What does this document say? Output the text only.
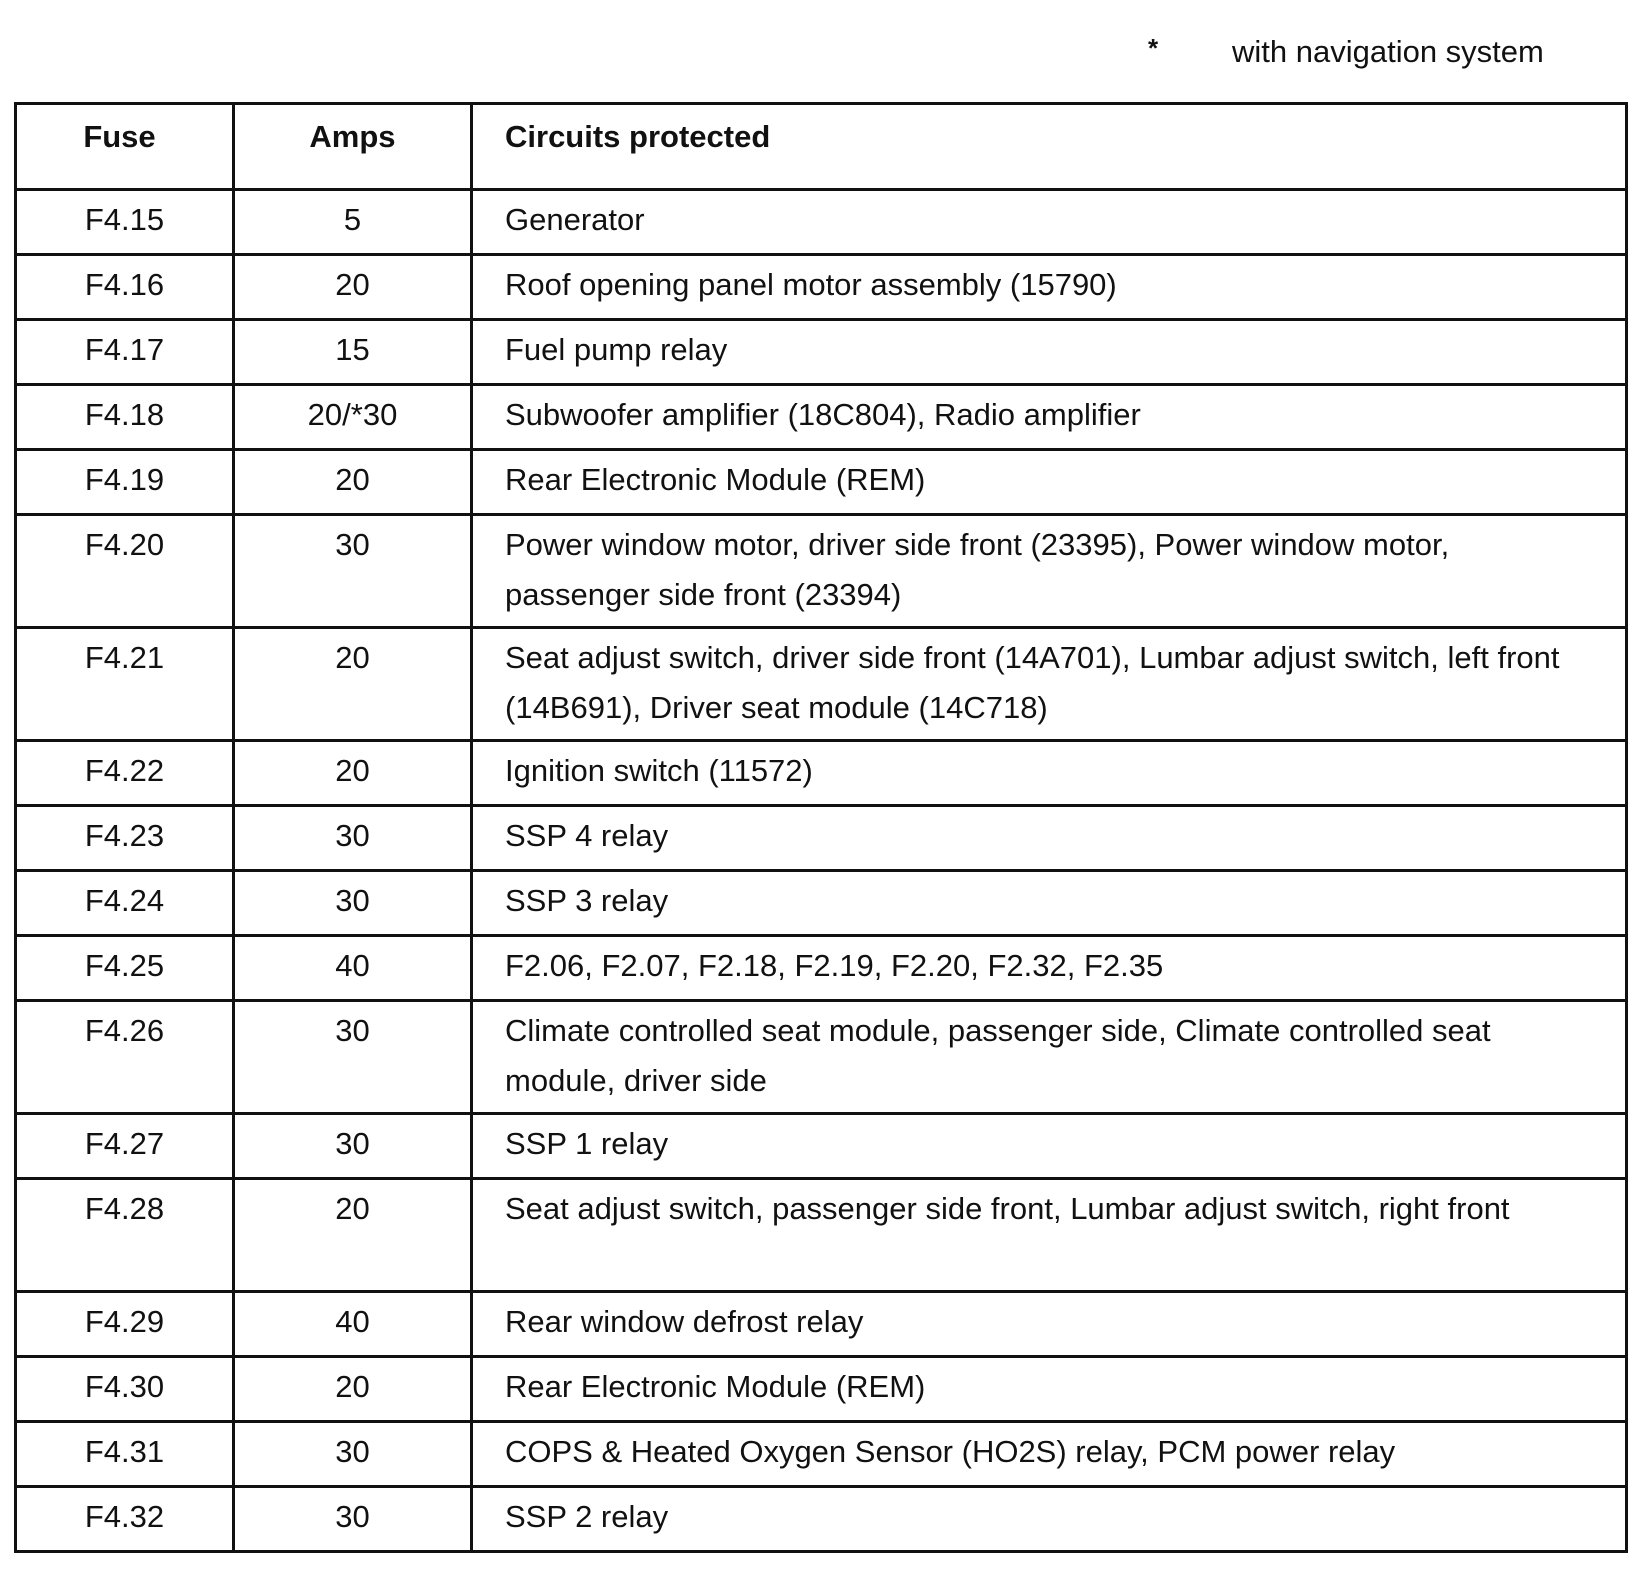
* with navigation system
Fuse	Amps	Circuits protected
F4.15	5	Generator
F4.16	20	Roof opening panel motor assembly (15790)
F4.17	15	Fuel pump relay
F4.18	20/*30	Subwoofer amplifier (18C804), Radio amplifier
F4.19	20	Rear Electronic Module (REM)
F4.20	30	Power window motor, driver side front (23395), Power window motor, passenger side front (23394)
F4.21	20	Seat adjust switch, driver side front (14A701), Lumbar adjust switch, left front (14B691), Driver seat module (14C718)
F4.22	20	Ignition switch (11572)
F4.23	30	SSP 4 relay
F4.24	30	SSP 3 relay
F4.25	40	F2.06, F2.07, F2.18, F2.19, F2.20, F2.32, F2.35
F4.26	30	Climate controlled seat module, passenger side, Climate controlled seat module, driver side
F4.27	30	SSP 1 relay
F4.28	20	Seat adjust switch, passenger side front, Lumbar adjust switch, right front
F4.29	40	Rear window defrost relay
F4.30	20	Rear Electronic Module (REM)
F4.31	30	COPS & Heated Oxygen Sensor (HO2S) relay, PCM power relay
F4.32	30	SSP 2 relay
